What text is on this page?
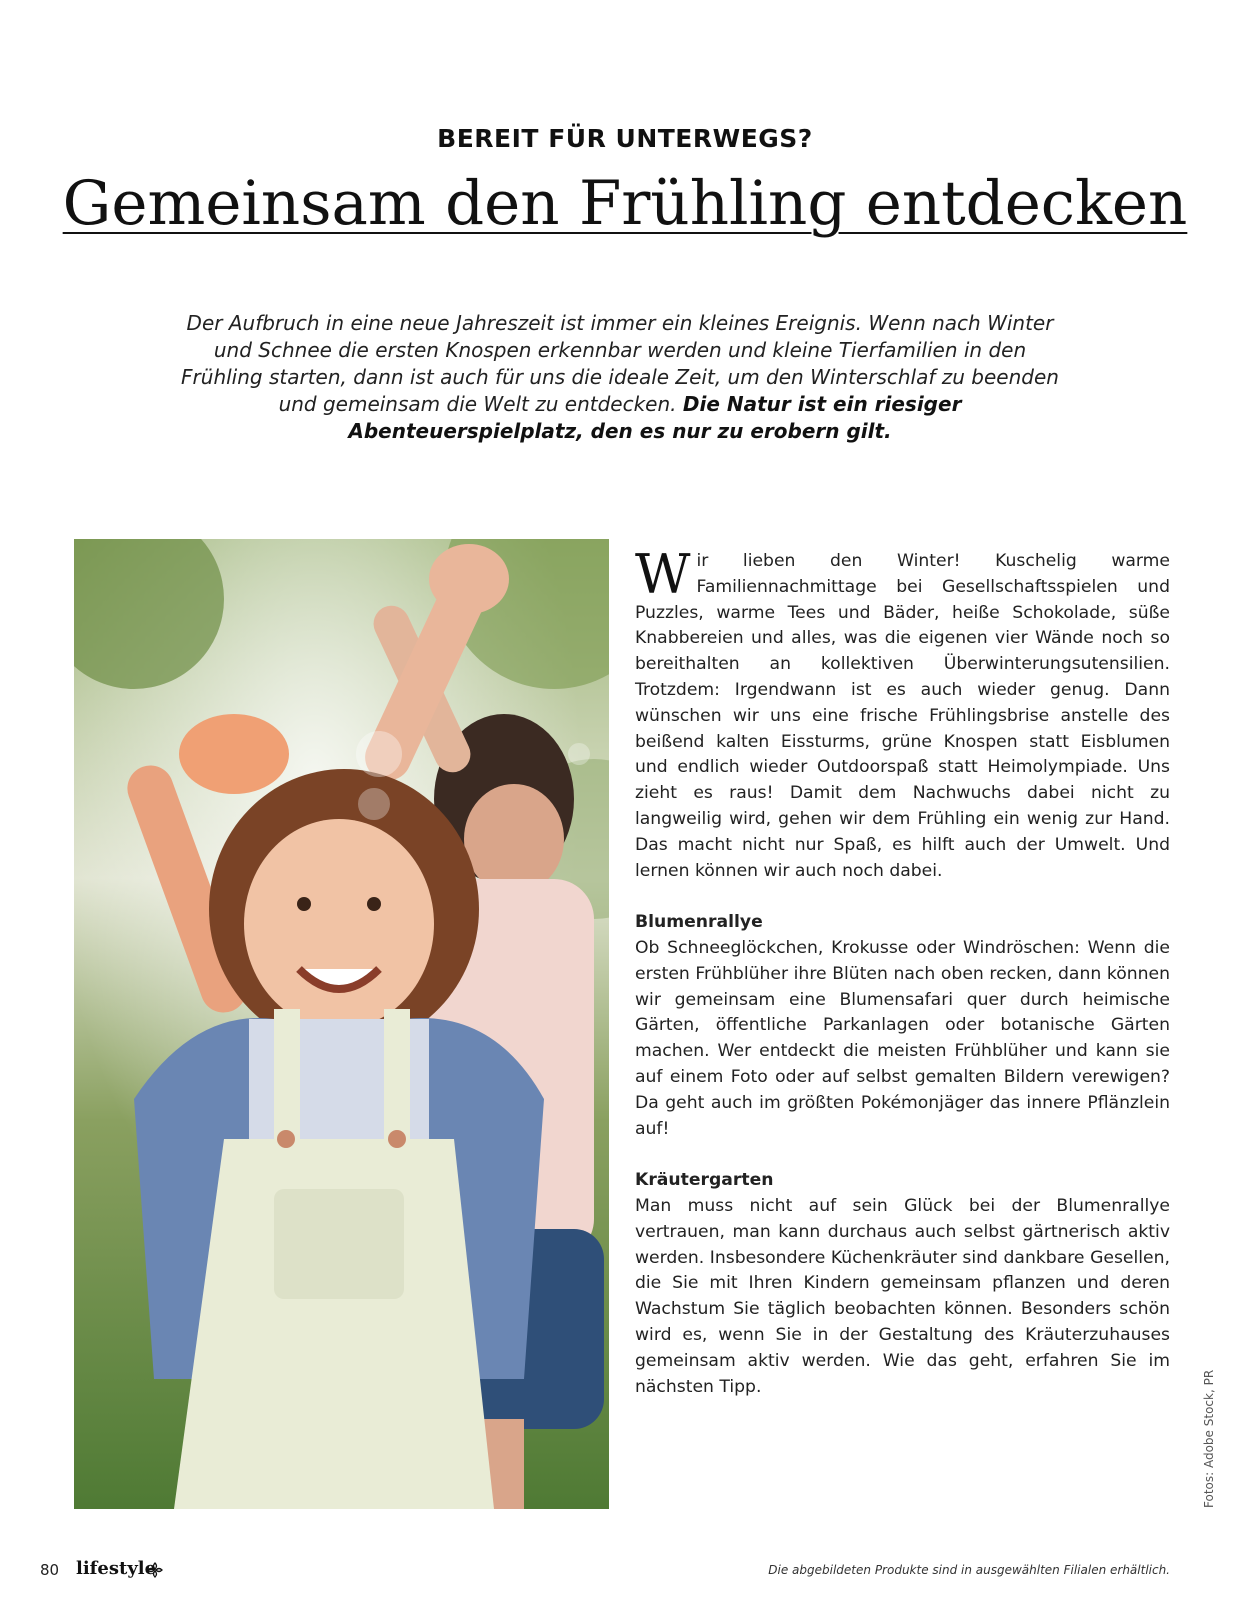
BEREIT FÜR UNTERWEGS?
Gemeinsam den Frühling entdecken
Der Aufbruch in eine neue Jahreszeit ist immer ein kleines Ereignis. Wenn nach Winter und Schnee die ersten Knospen erkennbar werden und kleine Tierfamilien in den Frühling starten, dann ist auch für uns die ideale Zeit, um den Winterschlaf zu beenden und gemeinsam die Welt zu entdecken. Die Natur ist ein riesiger Abenteuerspielplatz, den es nur zu erobern gilt.

Wir lieben den Winter! Kuschelig warme Familiennachmittage bei Gesellschaftsspielen und Puzzles, warme Tees und Bäder, heiße Schokolade, süße Knabbereien und alles, was die eigenen vier Wände noch so bereithalten an kollektiven Überwinterungsutensilien. Trotzdem: Irgendwann ist es auch wieder genug. Dann wünschen wir uns eine frische Frühlingsbrise anstelle des beißend kalten Eissturms, grüne Knospen statt Eisblumen und endlich wieder Outdoorspaß statt Heimolympiade. Uns zieht es raus! Damit dem Nachwuchs dabei nicht zu langweilig wird, gehen wir dem Frühling ein wenig zur Hand. Das macht nicht nur Spaß, es hilft auch der Umwelt. Und lernen können wir auch noch dabei.

Blumenrallye

Ob Schneeglöckchen, Krokusse oder Windröschen: Wenn die ersten Frühblüher ihre Blüten nach oben recken, dann können wir gemeinsam eine Blumensafari quer durch heimische Gärten, öffentliche Parkanlagen oder botanische Gärten machen. Wer entdeckt die meisten Frühblüher und kann sie auf einem Foto oder auf selbst gemalten Bildern verewigen? Da geht auch im größten Pokémonjäger das innere Pflänzlein auf!

Kräutergarten

Man muss nicht auf sein Glück bei der Blumenrallye vertrauen, man kann durchaus auch selbst gärtnerisch aktiv werden. Insbesondere Küchenkräuter sind dankbare Gesellen, die Sie mit Ihren Kindern gemeinsam pflanzen und deren Wachstum Sie täglich beobachten können. Besonders schön wird es, wenn Sie in der Gestaltung des Kräuterzuhauses gemeinsam aktiv werden. Wie das geht, erfahren Sie im nächsten Tipp.	Fotos: Adobe Stock, PR
80 lifestyle	Die abgebildeten Produkte sind in ausgewählten Filialen erhältlich.
